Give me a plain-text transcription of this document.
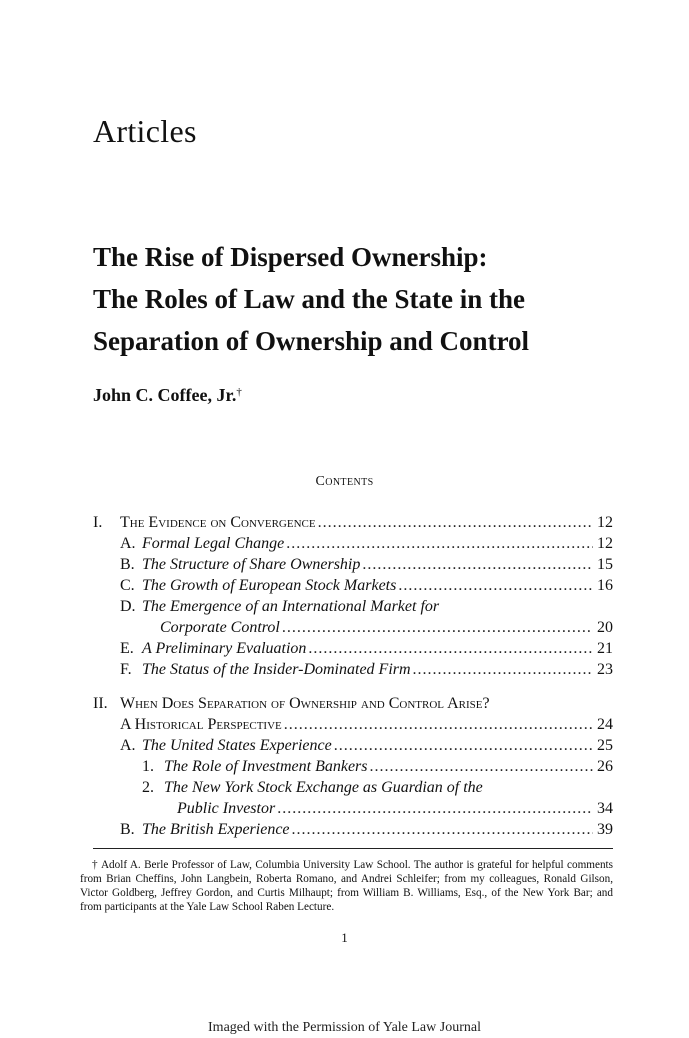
Articles
The Rise of Dispersed Ownership:
The Roles of Law and the State in the
Separation of Ownership and Control
John C. Coffee, Jr.†
Contents
I.	The Evidence on Convergence .....	12
A. Formal Legal Change .....	12
B. The Structure of Share Ownership .....	15
C. The Growth of European Stock Markets .....	16
D. The Emergence of an International Market for
Corporate Control .....	20
E. A Preliminary Evaluation .....	21
F. The Status of the Insider-Dominated Firm .....	23
II. When Does Separation of Ownership and Control Arise?
A Historical Perspective .....	24
A. The United States Experience .....	25
1. The Role of Investment Bankers .....	26
2. The New York Stock Exchange as Guardian of the
Public Investor .....	34
B. The British Experience .....	39
† Adolf A. Berle Professor of Law, Columbia University Law School. The author is grateful for helpful comments from Brian Cheffins, John Langbein, Roberta Romano, and Andrei Schleifer; from my colleagues, Ronald Gilson, Victor Goldberg, Jeffrey Gordon, and Curtis Milhaupt; from William B. Williams, Esq., of the New York Bar; and from participants at the Yale Law School Raben Lecture.
1
Imaged with the Permission of Yale Law Journal
